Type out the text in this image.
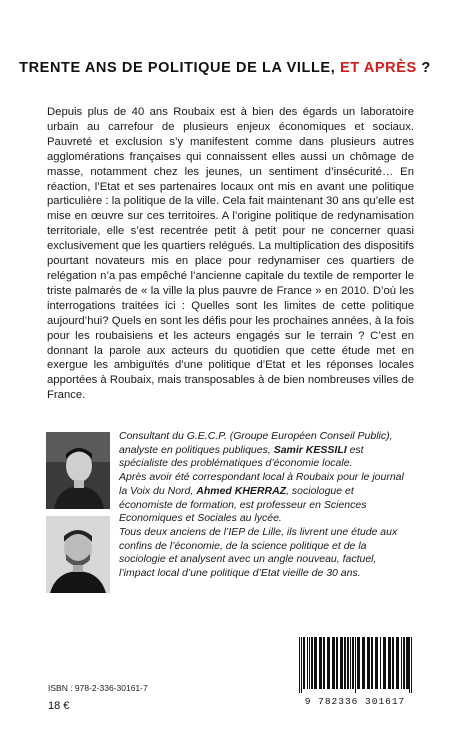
TRENTE ANS DE POLITIQUE DE LA VILLE, ET APRÈS ?

Depuis plus de 40 ans Roubaix est à bien des égards un laboratoire urbain au carrefour de plusieurs enjeux économiques et sociaux. Pauvreté et exclusion s’y manifestent comme dans plusieurs autres agglomérations françaises qui connaissent elles aussi un chômage de masse, notamment chez les jeunes, un sentiment d’insécurité… En réaction, l’Etat et ses partenaires locaux ont mis en avant une politique particulière : la politique de la ville. Cela fait maintenant 30 ans qu’elle est mise en œuvre sur ces territoires. A l’origine politique de redynamisation territoriale, elle s’est recentrée petit à petit pour ne concerner quasi exclusivement que les quartiers relégués. La multiplication des dispositifs pourtant novateurs mis en place pour redynamiser ces quartiers de relégation n’a pas empêché l’ancienne capitale du textile de remporter le triste palmarès de « la ville la plus pauvre de France » en 2010. D’où les interrogations traitées ici : Quelles sont les limites de cette politique aujourd’hui? Quels en sont les défis pour les prochaines années, à la fois pour les roubaisiens et les acteurs engagés sur le terrain ? C’est en donnant la parole aux acteurs du quotidien que cette étude met en exergue les ambiguïtés d’une politique d’Etat et les réponses locales apportées à Roubaix, mais transposables à de bien nombreuses villes de France.

Consultant du G.E.C.P. (Groupe Européen Conseil Public), analyste en politiques publiques, Samir KESSILI est spécialiste des problématiques d’économie locale.

Après avoir été correspondant local à Roubaix pour le journal la Voix du Nord, Ahmed KHERRAZ, sociologue et économiste de formation, est professeur en Sciences Economiques et Sociales au lycée.

Tous deux anciens de l’IEP de Lille, ils livrent une étude aux confins de l’économie, de la science politique et de la sociologie et analysent avec un angle nouveau, factuel, l’impact local d’une politique d’Etat vieille de 30 ans.

ISBN : 978-2-336-30161-7
18 €	9 782336 301617
